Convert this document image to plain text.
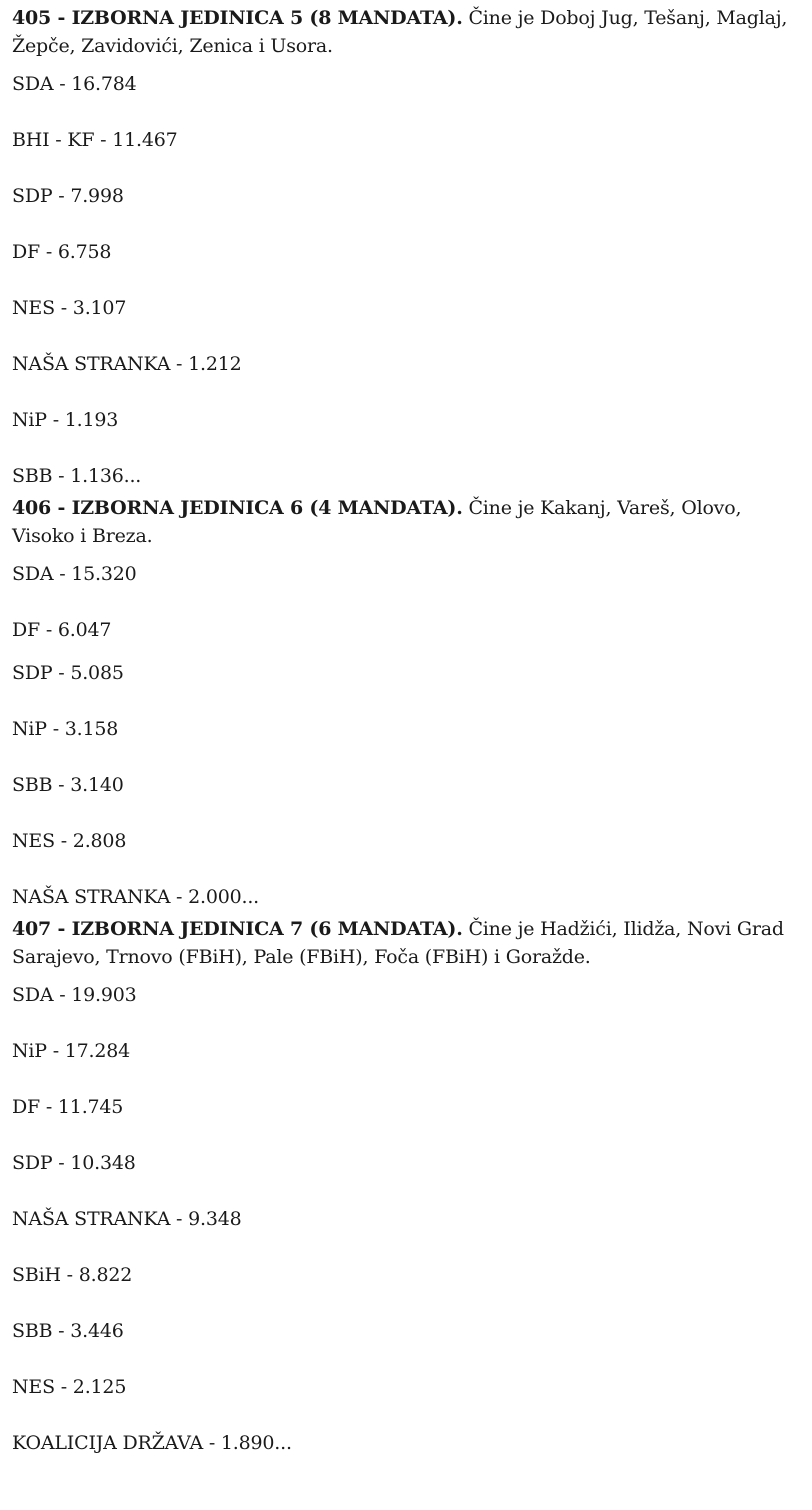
405 - IZBORNA JEDINICA 5 (8 MANDATA). Čine je Doboj Jug, Tešanj, Maglaj, Žepče, Zavidovići, Zenica i Usora.

SDA - 16.784

BHI - KF - 11.467

SDP - 7.998

DF - 6.758

NES - 3.107

NAŠA STRANKA - 1.212

NiP - 1.193

SBB - 1.136...

406 - IZBORNA JEDINICA 6 (4 MANDATA). Čine je Kakanj, Vareš, Olovo, Visoko i Breza.

SDA - 15.320

DF - 6.047

SDP - 5.085

NiP - 3.158

SBB - 3.140

NES - 2.808

NAŠA STRANKA - 2.000...

407 - IZBORNA JEDINICA 7 (6 MANDATA). Čine je Hadžići, Ilidža, Novi Grad Sarajevo, Trnovo (FBiH), Pale (FBiH), Foča (FBiH) i Goražde.

SDA - 19.903

NiP - 17.284

DF - 11.745

SDP - 10.348

NAŠA STRANKA - 9.348

SBiH - 8.822

SBB - 3.446

NES - 2.125

KOALICIJA DRŽAVA - 1.890...
